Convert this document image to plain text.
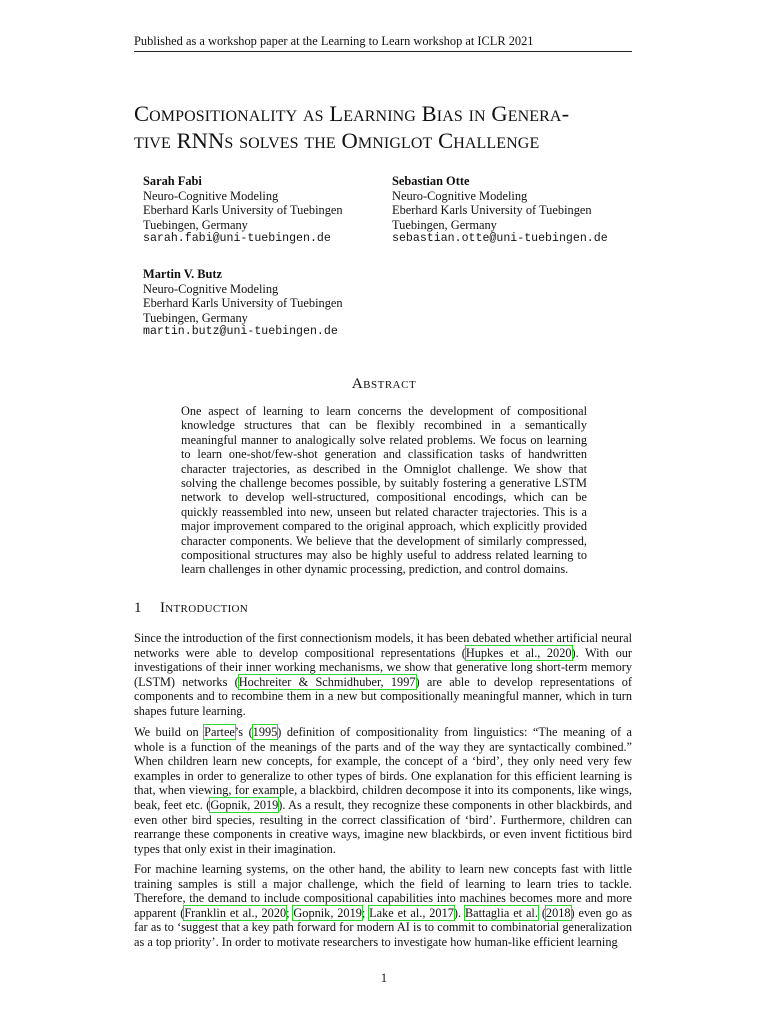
Published as a workshop paper at the Learning to Learn workshop at ICLR 2021
Compositionality as Learning Bias in Genera-
tive RNNs solves the Omniglot Challenge
Sarah Fabi
Neuro-Cognitive Modeling
Eberhard Karls University of Tuebingen
Tuebingen, Germany
sarah.fabi@uni-tuebingen.de
Sebastian Otte
Neuro-Cognitive Modeling
Eberhard Karls University of Tuebingen
Tuebingen, Germany
sebastian.otte@uni-tuebingen.de
Martin V. Butz
Neuro-Cognitive Modeling
Eberhard Karls University of Tuebingen
Tuebingen, Germany
martin.butz@uni-tuebingen.de
Abstract

One aspect of learning to learn concerns the development of compositional knowledge structures that can be flexibly recombined in a semantically meaningful manner to analogically solve related problems. We focus on learning to learn one-shot/few-shot generation and classification tasks of handwritten character trajectories, as described in the Omniglot challenge. We show that solving the challenge becomes possible, by suitably fostering a generative LSTM network to develop well-structured, compositional encodings, which can be quickly reassembled into new, unseen but related character trajectories. This is a major improvement compared to the original approach, which explicitly provided character components. We believe that the development of similarly compressed, compositional structures may also be highly useful to address related learning to learn challenges in other dynamic processing, prediction, and control domains.

1 Introduction

Since the introduction of the first connectionism models, it has been debated whether artificial neural networks were able to develop compositional representations (Hupkes et al., 2020). With our investigations of their inner working mechanisms, we show that generative long short-term memory (LSTM) networks (Hochreiter & Schmidhuber, 1997) are able to develop representations of components and to recombine them in a new but compositionally meaningful manner, which in turn shapes future learning.

We build on Partee’s (1995) definition of compositionality from linguistics: “The meaning of a whole is a function of the meanings of the parts and of the way they are syntactically combined.” When children learn new concepts, for example, the concept of a ‘bird’, they only need very few examples in order to generalize to other types of birds. One explanation for this efficient learning is that, when viewing, for example, a blackbird, children decompose it into its components, like wings, beak, feet etc. (Gopnik, 2019). As a result, they recognize these components in other blackbirds, and even other bird species, resulting in the correct classification of ‘bird’. Furthermore, children can rearrange these components in creative ways, imagine new blackbirds, or even invent fictitious bird types that only exist in their imagination.

For machine learning systems, on the other hand, the ability to learn new concepts fast with little training samples is still a major challenge, which the field of learning to learn tries to tackle. Therefore, the demand to include compositional capabilities into machines becomes more and more apparent (Franklin et al., 2020; Gopnik, 2019; Lake et al., 2017). Battaglia et al. (2018) even go as far as to ‘suggest that a key path forward for modern AI is to commit to combinatorial generalization as a top priority’. In order to motivate researchers to investigate how human-like efficient learning

1
